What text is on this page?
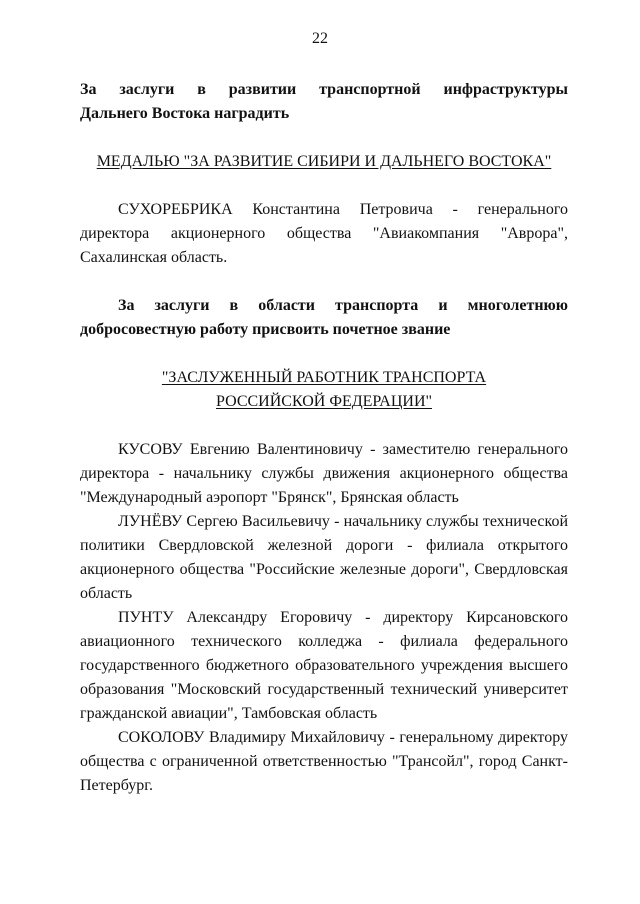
22
За заслуги в развитии транспортной инфраструктуры
Дальнего Востока наградить
МЕДАЛЬЮ "ЗА РАЗВИТИЕ СИБИРИ И ДАЛЬНЕГО ВОСТОКА"

СУХОРЕБРИКА Константина Петровича - генерального директора акционерного общества "Авиакомпания "Аврора", Сахалинская область.

За заслуги в области транспорта и многолетнюю
добросовестную работу присвоить почетное звание
"ЗАСЛУЖЕННЫЙ РАБОТНИК ТРАНСПОРТА
РОССИЙСКОЙ ФЕДЕРАЦИИ"

КУСОВУ Евгению Валентиновичу - заместителю генерального директора - начальнику службы движения акционерного общества "Международный аэропорт "Брянск", Брянская область

ЛУНЁВУ Сергею Васильевичу - начальнику службы технической политики Свердловской железной дороги - филиала открытого акционерного общества "Российские железные дороги", Свердловская область

ПУНТУ Александру Егоровичу - директору Кирсановского авиационного технического колледжа - филиала федерального государственного бюджетного образовательного учреждения высшего образования "Московский государственный технический университет гражданской авиации", Тамбовская область

СОКОЛОВУ Владимиру Михайловичу - генеральному директору общества с ограниченной ответственностью "Трансойл", город Санкт-Петербург.
